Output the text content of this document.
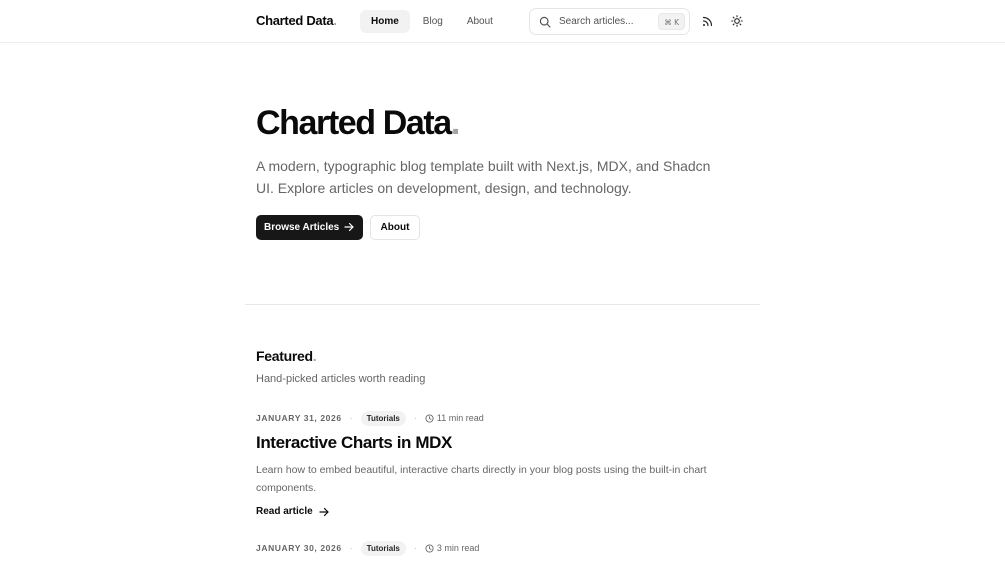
Charted Data.	Home	Blog	About	Search articles...	⌘ K
Charted Data.

A modern, typographic blog template built with Next.js, MDX, and Shadcn UI. Explore articles on development, design, and technology.

Browse Articles	About
Featured.

Hand-picked articles worth reading

JANUARY 31, 2026 ·	Tutorials	· 11 min read
Interactive Charts in MDX

Learn how to embed beautiful, interactive charts directly in your blog posts using the built-in chart components.

Read article
JANUARY 30, 2026 ·	Tutorials	· 3 min read
